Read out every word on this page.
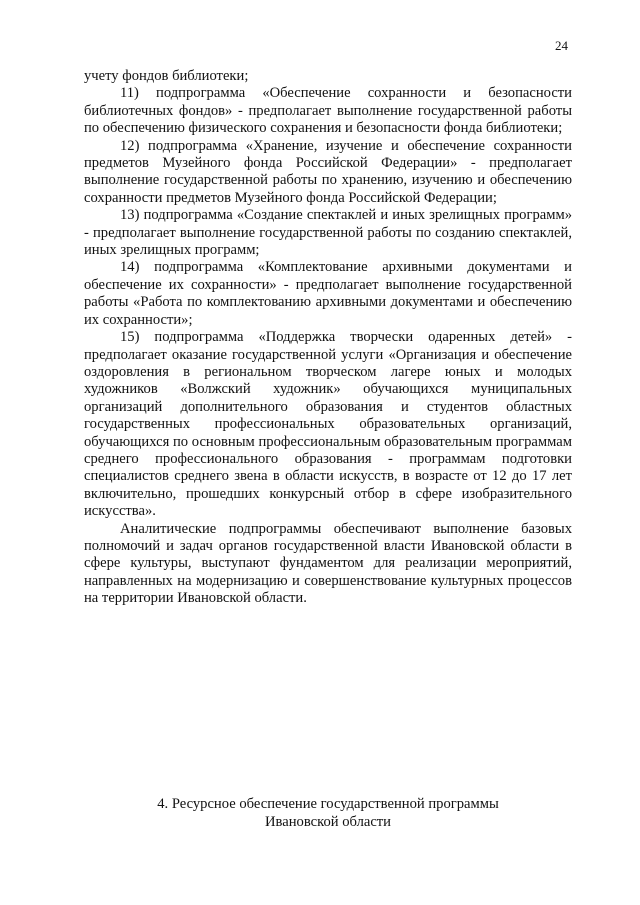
24

учету фондов библиотеки;

11) подпрограмма «Обеспечение сохранности и безопасности библиотечных фондов» - предполагает выполнение государственной работы по обеспечению физического сохранения и безопасности фонда библиотеки;

12) подпрограмма «Хранение, изучение и обеспечение сохранности предметов Музейного фонда Российской Федерации» - предполагает выполнение государственной работы по хранению, изучению и обеспечению сохранности предметов Музейного фонда Российской Федерации;

13) подпрограмма «Создание спектаклей и иных зрелищных программ» - предполагает выполнение государственной работы по созданию спектаклей, иных зрелищных программ;

14) подпрограмма «Комплектование архивными документами и обеспечение их сохранности» - предполагает выполнение государственной работы «Работа по комплектованию архивными документами и обеспечению их сохранности»;

15) подпрограмма «Поддержка творчески одаренных детей» - предполагает оказание государственной услуги «Организация и обеспечение оздоровления в региональном творческом лагере юных и молодых художников «Волжский художник» обучающихся муниципальных организаций дополнительного образования и студентов областных государственных профессиональных образовательных организаций, обучающихся по основным профессиональным образовательным программам среднего профессионального образования - программам подготовки специалистов среднего звена в области искусств, в возрасте от 12 до 17 лет включительно, прошедших конкурсный отбор в сфере изобразительного искусства».

Аналитические подпрограммы обеспечивают выполнение базовых полномочий и задач органов государственной власти Ивановской области в сфере культуры, выступают фундаментом для реализации мероприятий, направленных на модернизацию и совершенствование культурных процессов на территории Ивановской области.

4. Ресурсное обеспечение государственной программы
Ивановской области
